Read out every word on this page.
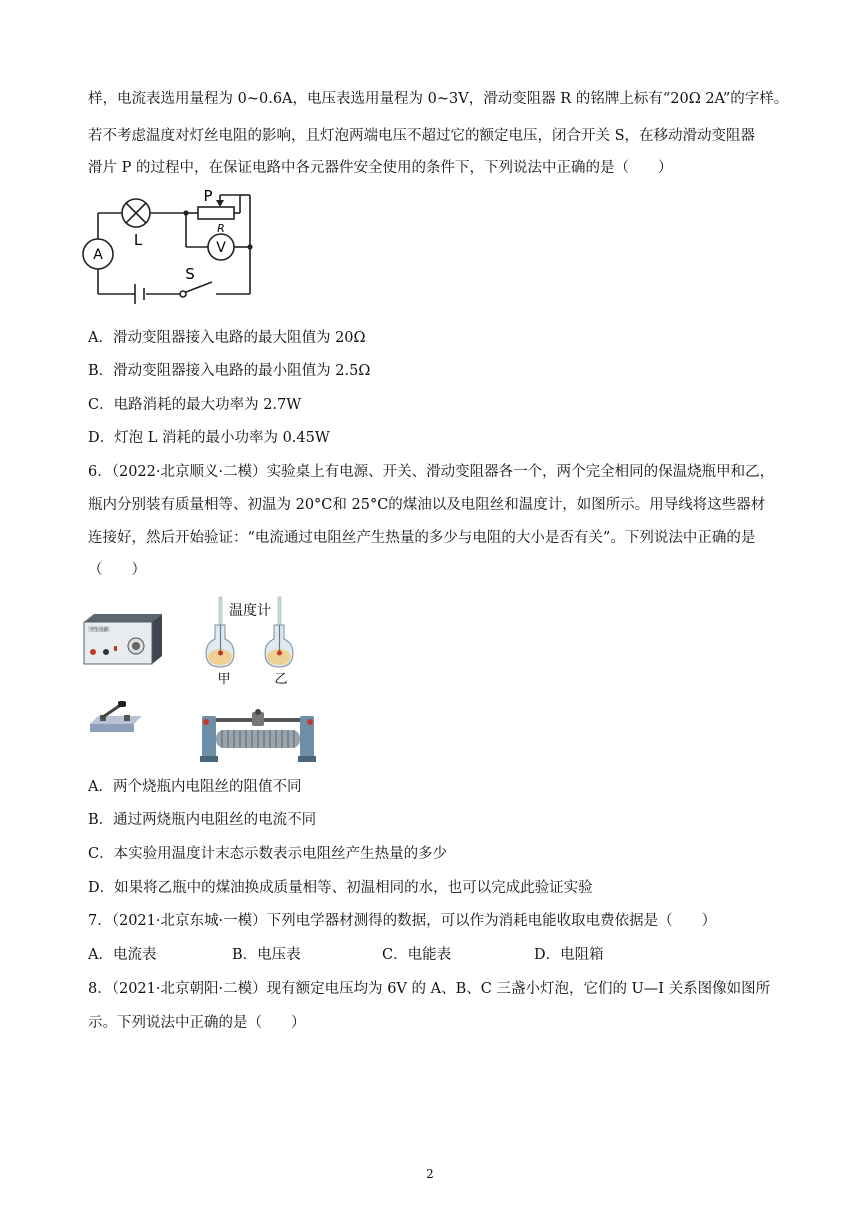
样，电流表选用量程为 0~0.6A，电压表选用量程为 0~3V，滑动变阻器 R 的铭牌上标有“20Ω 2A”的字样。
若不考虑温度对灯丝电阻的影响，且灯泡两端电压不超过它的额定电压，闭合开关 S，在移动滑动变阻器
滑片 P 的过程中，在保证电路中各元器件安全使用的条件下，下列说法中正确的是（　　）
A
L
P
R
V
S
A．滑动变阻器接入电路的最大阻值为 20Ω
B．滑动变阻器接入电路的最小阻值为 2.5Ω
C．电路消耗的最大功率为 2.7W
D．灯泡 L 消耗的最小功率为 0.45W
6．（2022·北京顺义·二模）实验桌上有电源、开关、滑动变阻器各一个，两个完全相同的保温烧瓶甲和乙，
瓶内分别装有质量相等、初温为 20°C和 25°C的煤油以及电阻丝和温度计，如图所示。用导线将这些器材
连接好，然后开始验证：“电流通过电阻丝产生热量的多少与电阻的大小是否有关”。下列说法中正确的是
（　　）
学生电源
温度计
甲	乙
A．两个烧瓶内电阻丝的阻值不同
B．通过两烧瓶内电阻丝的电流不同
C．本实验用温度计末态示数表示电阻丝产生热量的多少
D．如果将乙瓶中的煤油换成质量相等、初温相同的水，也可以完成此验证实验
7．（2021·北京东城·一模）下列电学器材测得的数据，可以作为消耗电能收取电费依据是（　　）
A．电流表	B．电压表	C．电能表	D．电阻箱
8．（2021·北京朝阳·二模）现有额定电压均为 6V 的 A、B、C 三盏小灯泡，它们的 U—I 关系图像如图所
示。下列说法中正确的是（　　）
2
